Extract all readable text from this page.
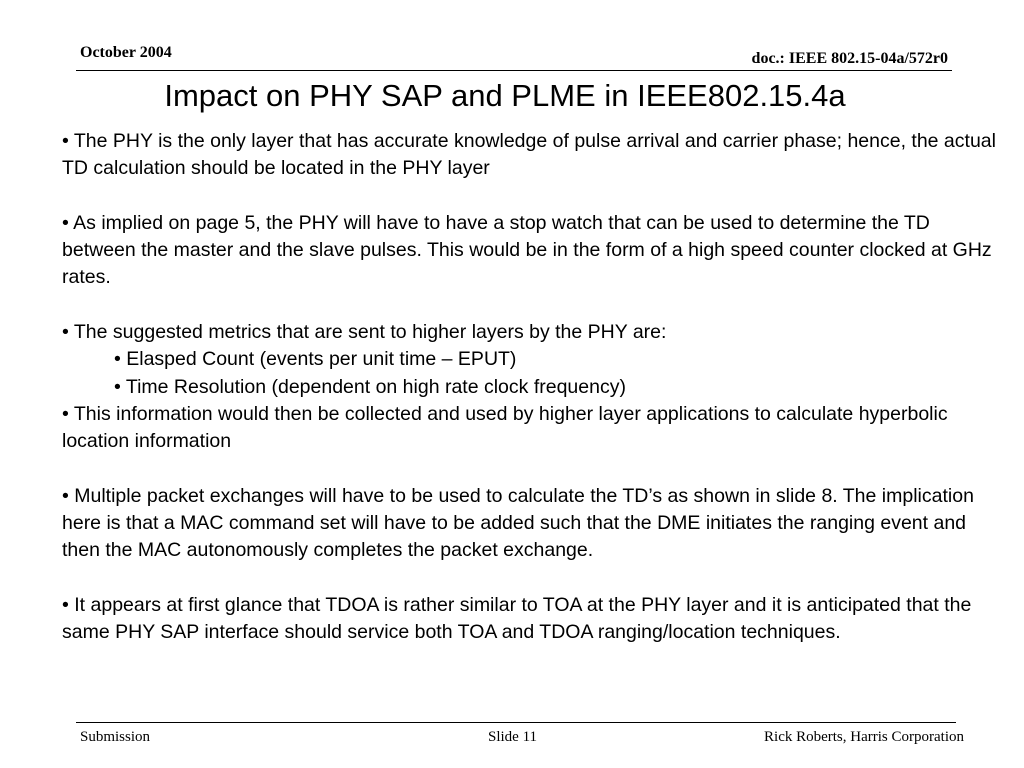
October 2004	doc.: IEEE 802.15-04a/572r0
Impact on PHY SAP and PLME in IEEE802.15.4a

• The PHY is the only layer that has accurate knowledge of pulse arrival and carrier phase; hence, the actual TD calculation should be located in the PHY layer

• As implied on page 5, the PHY will have to have a stop watch that can be used to determine the TD between the master and the slave pulses. This would be in the form of a high speed counter clocked at GHz rates.

• The suggested metrics that are sent to higher layers by the PHY are:

• Elasped Count (events per unit time – EPUT)

• Time Resolution (dependent on high rate clock frequency)

• This information would then be collected and used by higher layer applications to calculate hyperbolic location information

• Multiple packet exchanges will have to be used to calculate the TD’s as shown in slide 8. The implication here is that a MAC command set will have to be added such that the DME initiates the ranging event and then the MAC autonomously completes the packet exchange.

• It appears at first glance that TDOA is rather similar to TOA at the PHY layer and it is anticipated that the same PHY SAP interface should service both TOA and TDOA ranging/location techniques.

Submission	Slide 11	Rick Roberts, Harris Corporation
